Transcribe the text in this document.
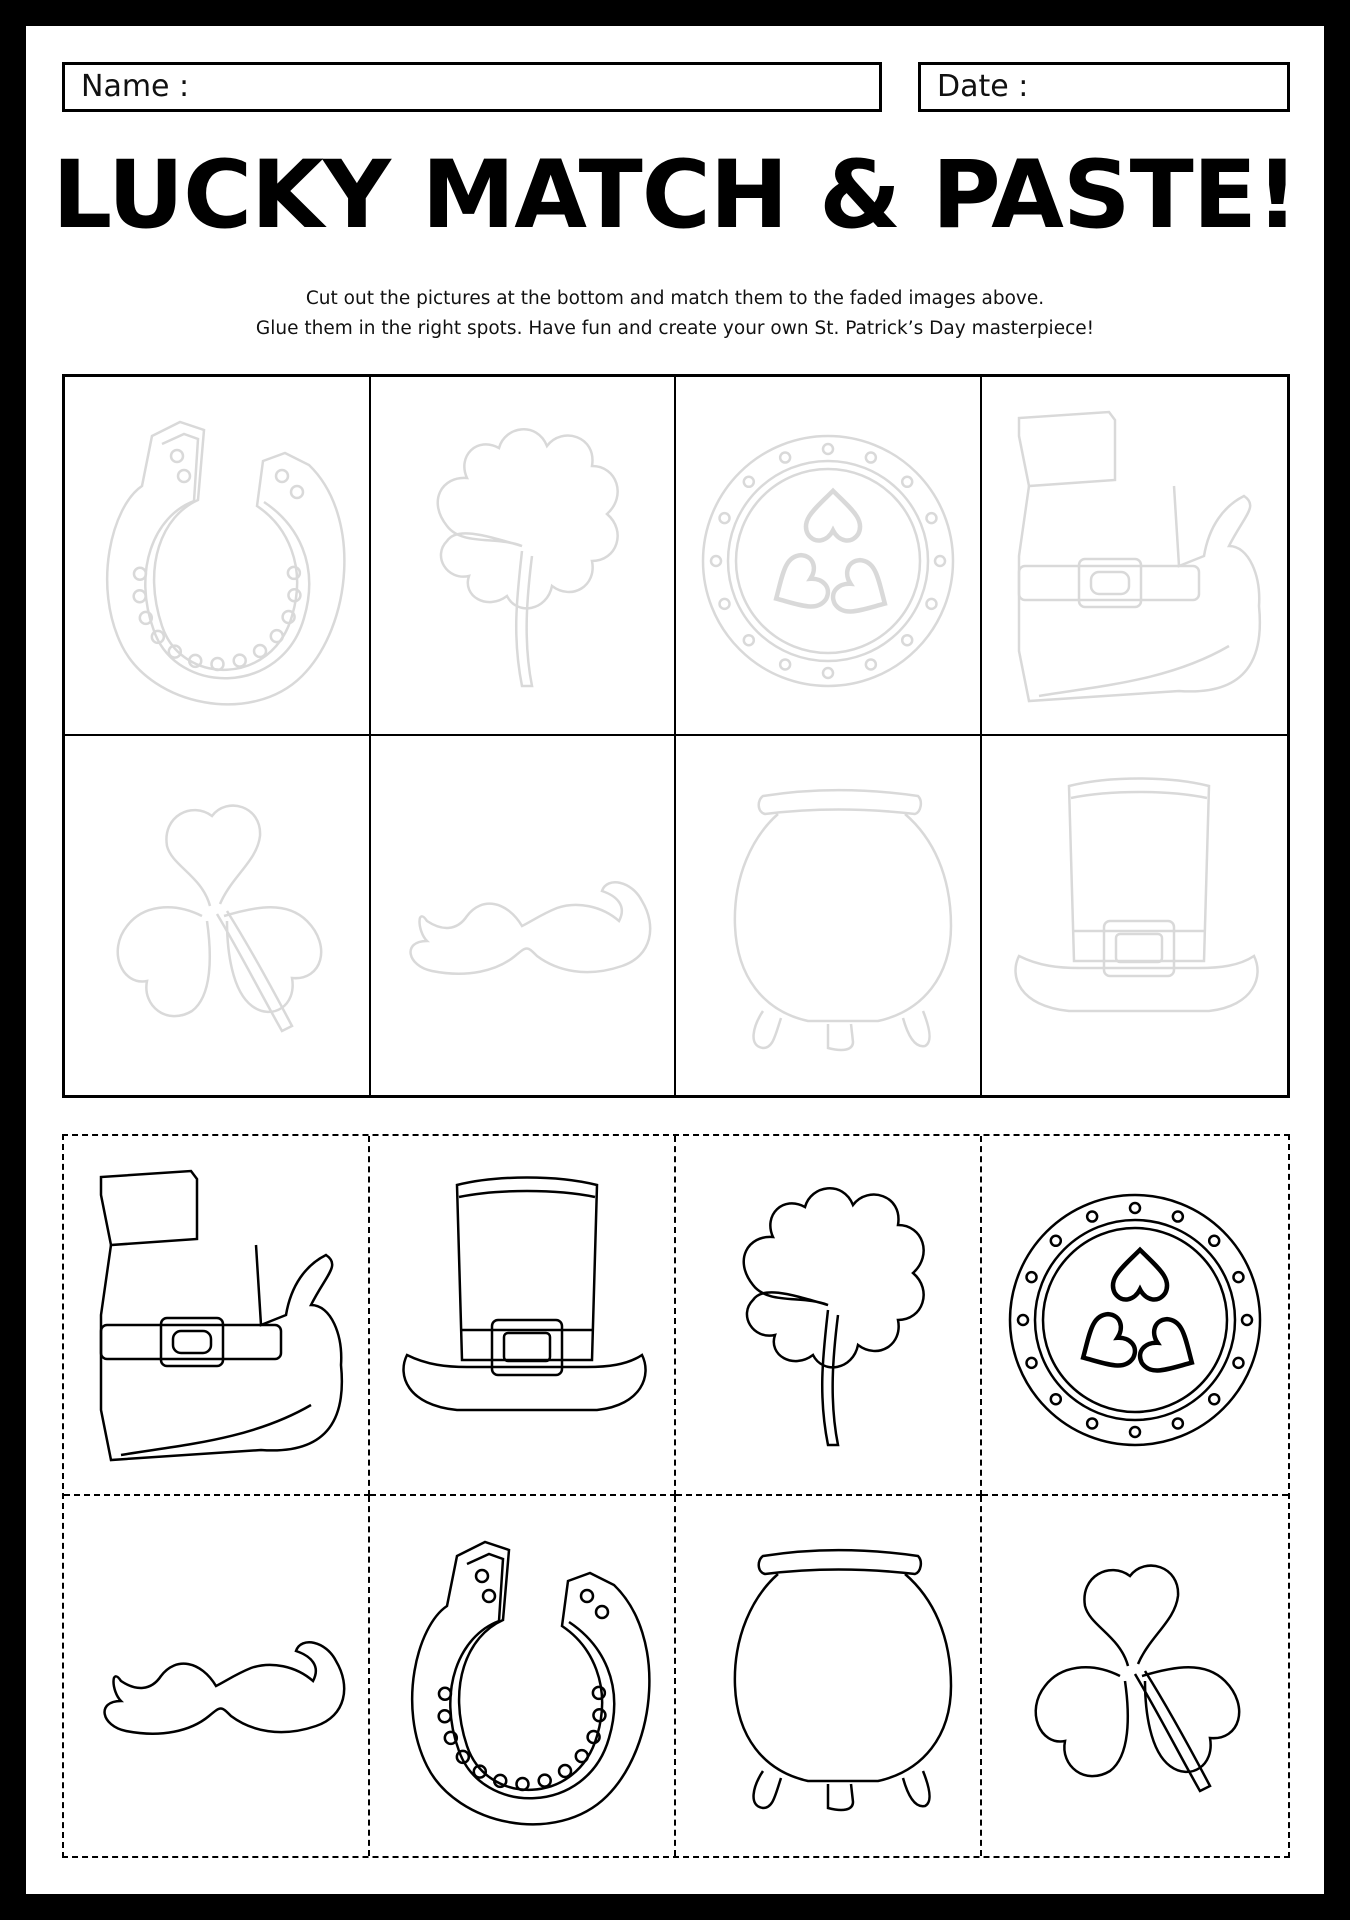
Name :	Date :
LUCKY MATCH & PASTE!
Cut out the pictures at the bottom and match them to the faded images above.
Glue them in the right spots. Have fun and create your own St. Patrick’s Day masterpiece!
